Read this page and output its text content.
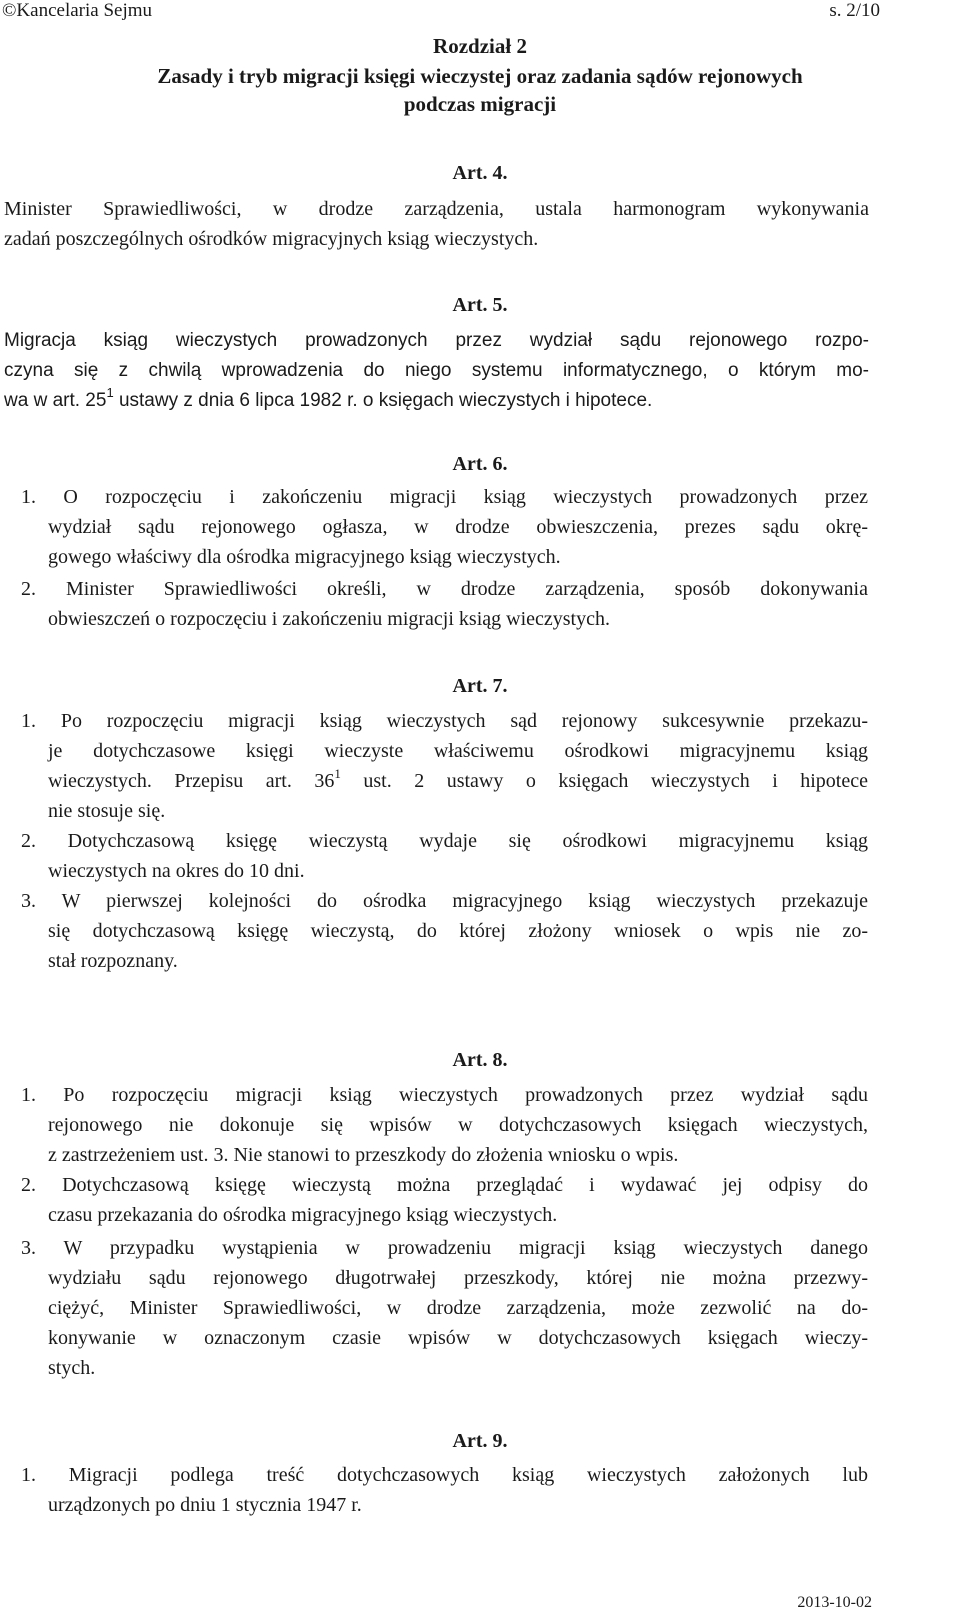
©Kancelaria Sejmu	s. 2/10
Rozdział 2
Zasady i tryb migracji księgi wieczystej oraz zadania sądów rejonowych
podczas migracji
Art. 4.
Minister Sprawiedliwości, w drodze zarządzenia, ustala harmonogram wykonywania
zadań poszczególnych ośrodków migracyjnych ksiąg wieczystych.
Art. 5.
Migracja ksiąg wieczystych prowadzonych przez wydział sądu rejonowego rozpo-
czyna się z chwilą wprowadzenia do niego systemu informatycznego, o którym mo-
wa w art. $25^1$ ustawy z dnia 6 lipca 1982 r. o księgach wieczystych i hipotece.
Art. 6.
1. O rozpoczęciu i zakończeniu migracji ksiąg wieczystych prowadzonych przez
wydział sądu rejonowego ogłasza, w drodze obwieszczenia, prezes sądu okrę-
gowego właściwy dla ośrodka migracyjnego ksiąg wieczystych.
2. Minister Sprawiedliwości określi, w drodze zarządzenia, sposób dokonywania
obwieszczeń o rozpoczęciu i zakończeniu migracji ksiąg wieczystych.
Art. 7.
1. Po rozpoczęciu migracji ksiąg wieczystych sąd rejonowy sukcesywnie przekazu-
je dotychczasowe księgi wieczyste właściwemu ośrodkowi migracyjnemu ksiąg
wieczystych. Przepisu art. $36^1$ ust. 2 ustawy o księgach wieczystych i hipotece
nie stosuje się.
2. Dotychczasową księgę wieczystą wydaje się ośrodkowi migracyjnemu ksiąg
wieczystych na okres do 10 dni.
3. W pierwszej kolejności do ośrodka migracyjnego ksiąg wieczystych przekazuje
się dotychczasową księgę wieczystą, do której złożony wniosek o wpis nie zo-
stał rozpoznany.
Art. 8.
1. Po rozpoczęciu migracji ksiąg wieczystych prowadzonych przez wydział sądu
rejonowego nie dokonuje się wpisów w dotychczasowych księgach wieczystych,
z zastrzeżeniem ust. 3. Nie stanowi to przeszkody do złożenia wniosku o wpis.
2. Dotychczasową księgę wieczystą można przeglądać i wydawać jej odpisy do
czasu przekazania do ośrodka migracyjnego ksiąg wieczystych.
3. W przypadku wystąpienia w prowadzeniu migracji ksiąg wieczystych danego
wydziału sądu rejonowego długotrwałej przeszkody, której nie można przezwy-
ciężyć, Minister Sprawiedliwości, w drodze zarządzenia, może zezwolić na do-
konywanie w oznaczonym czasie wpisów w dotychczasowych księgach wieczy-
stych.
Art. 9.
1. Migracji podlega treść dotychczasowych ksiąg wieczystych założonych lub
urządzonych po dniu 1 stycznia 1947 r.
2013-10-02
